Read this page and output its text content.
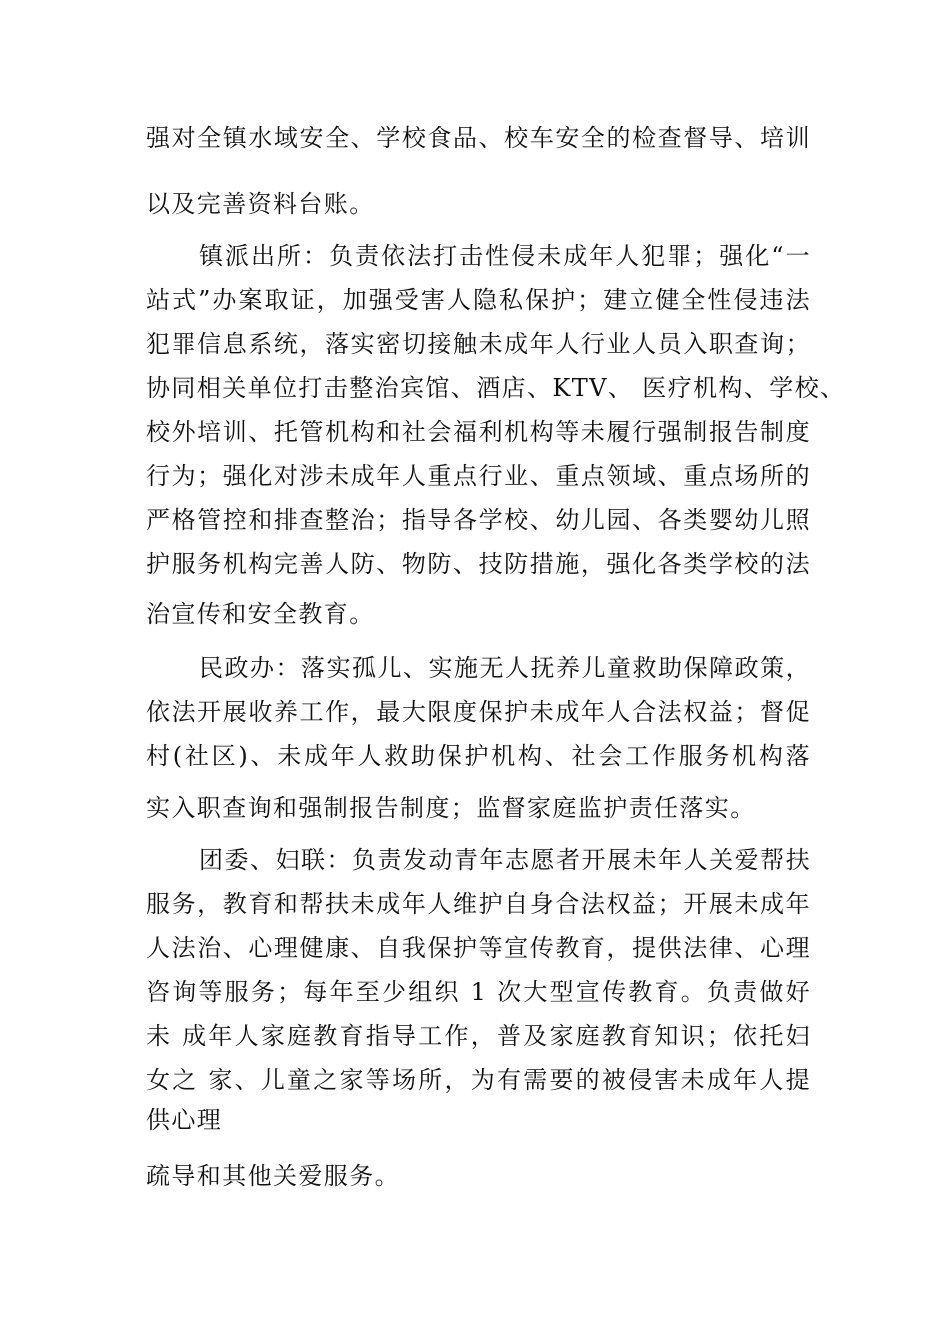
强对全镇水域安全、学校食品、校车安全的检查督导、培训
以及完善资料台账。
镇派出所：负责依法打击性侵未成年人犯罪；强化“一
站式”办案取证，加强受害人隐私保护；建立健全性侵违法
犯罪信息系统，落实密切接触未成年人行业人员入职查询；
协同相关单位打击整治宾馆、酒店、KTV、 医疗机构、学校、
校外培训、托管机构和社会福利机构等未履行强制报告制度
行为；强化对涉未成年人重点行业、重点领域、重点场所的
严格管控和排查整治；指导各学校、幼儿园、各类婴幼儿照
护服务机构完善人防、物防、技防措施，强化各类学校的法
治宣传和安全教育。
民政办：落实孤儿、实施无人抚养儿童救助保障政策，
依法开展收养工作，最大限度保护未成年人合法权益；督促
村(社区)、未成年人救助保护机构、社会工作服务机构落
实入职查询和强制报告制度；监督家庭监护责任落实。
团委、妇联：负责发动青年志愿者开展未年人关爱帮扶
服务，教育和帮扶未成年人维护自身合法权益；开展未成年
人法治、心理健康、自我保护等宣传教育，提供法律、心理
咨询等服务；每年至少组织 1 次大型宣传教育。负责做好
未 成年人家庭教育指导工作，普及家庭教育知识；依托妇
女之 家、儿童之家等场所，为有需要的被侵害未成年人提
供心理
疏导和其他关爱服务。
